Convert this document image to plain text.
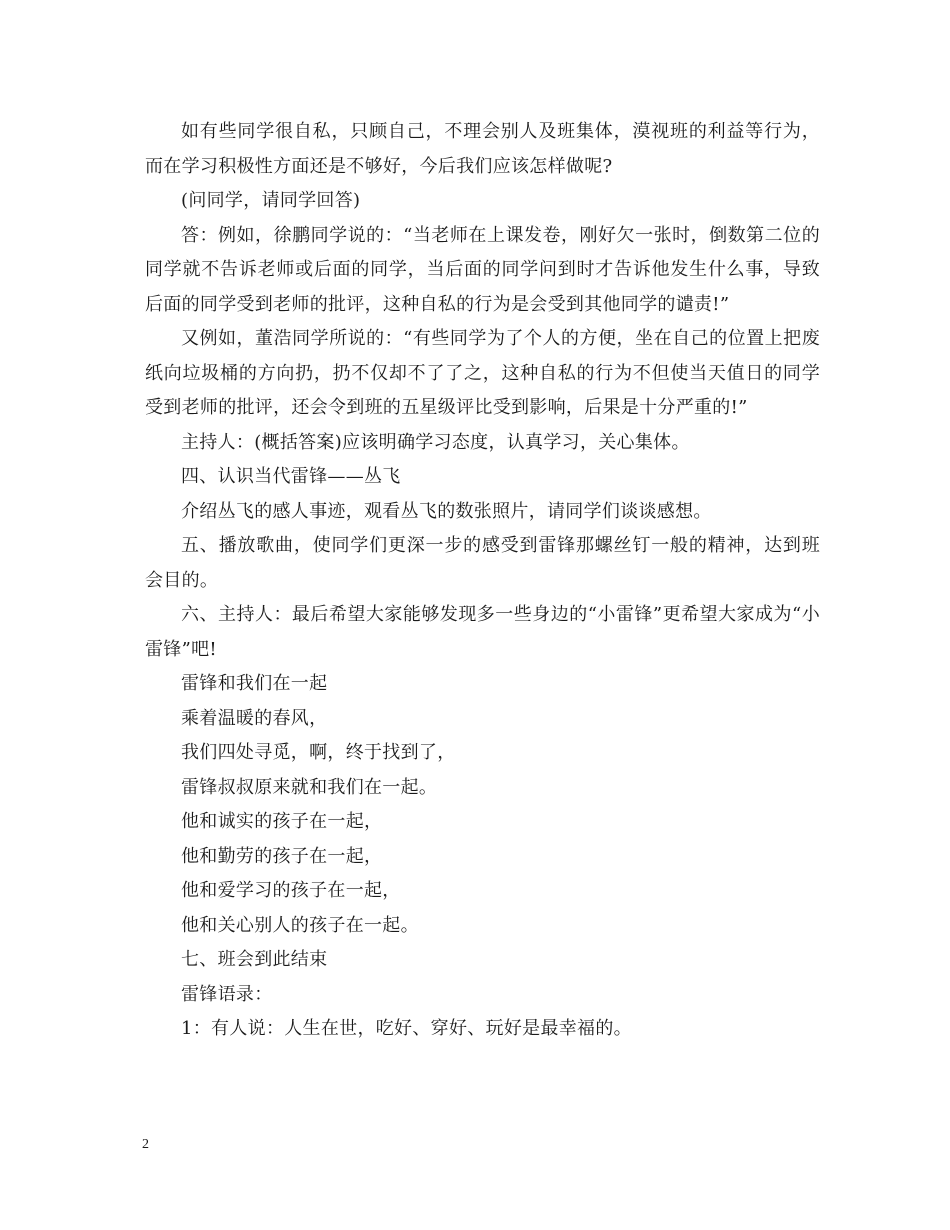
如有些同学很自私，只顾自己，不理会别人及班集体，漠视班的利益等行为，而在学习积极性方面还是不够好，今后我们应该怎样做呢?

(问同学，请同学回答)

答：例如，徐鹏同学说的：“当老师在上课发卷，刚好欠一张时，倒数第二位的同学就不告诉老师或后面的同学，当后面的同学问到时才告诉他发生什么事，导致后面的同学受到老师的批评，这种自私的行为是会受到其他同学的谴责!”

又例如，董浩同学所说的：“有些同学为了个人的方便，坐在自己的位置上把废纸向垃圾桶的方向扔，扔不仅却不了了之，这种自私的行为不但使当天值日的同学受到老师的批评，还会令到班的五星级评比受到影响，后果是十分严重的!”

主持人：(概括答案)应该明确学习态度，认真学习，关心集体。

四、认识当代雷锋——丛飞

介绍丛飞的感人事迹，观看丛飞的数张照片，请同学们谈谈感想。

五、播放歌曲，使同学们更深一步的感受到雷锋那螺丝钉一般的精神，达到班会目的。

六、主持人：最后希望大家能够发现多一些身边的“小雷锋”更希望大家成为“小雷锋”吧!

雷锋和我们在一起

乘着温暖的春风，

我们四处寻觅，啊，终于找到了，

雷锋叔叔原来就和我们在一起。

他和诚实的孩子在一起，

他和勤劳的孩子在一起，

他和爱学习的孩子在一起，

他和关心别人的孩子在一起。

七、班会到此结束

雷锋语录：

1：有人说：人生在世，吃好、穿好、玩好是最幸福的。

2
